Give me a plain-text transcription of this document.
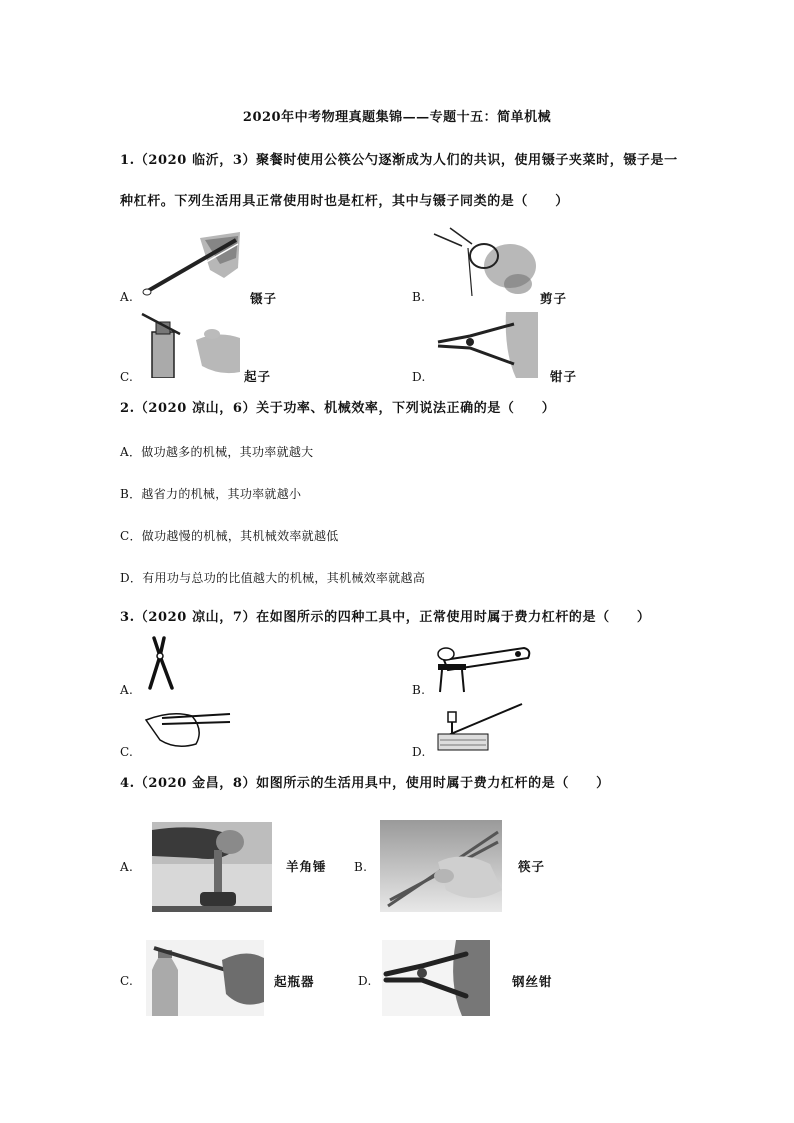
2020年中考物理真题集锦——专题十五：简单机械
1.（2020 临沂，3）聚餐时使用公筷公勺逐渐成为人们的共识，使用镊子夹菜时，镊子是一
种杠杆。下列生活用具正常使用时也是杠杆，其中与镊子同类的是（　　）
A.	镊子	B.	剪子
C.	起子	D.	钳子
2.（2020 凉山，6）关于功率、机械效率，下列说法正确的是（　　）
A．做功越多的机械，其功率就越大
B．越省力的机械，其功率就越小
C．做功越慢的机械，其机械效率就越低
D．有用功与总功的比值越大的机械，其机械效率就越高
3.（2020 凉山，7）在如图所示的四种工具中，正常使用时属于费力杠杆的是（　　）
A.	B.
C.	D.
4.（2020 金昌，8）如图所示的生活用具中，使用时属于费力杠杆的是（　　）
A.	羊角锤 B.	筷子
C.	起瓶器	D.	钢丝钳
